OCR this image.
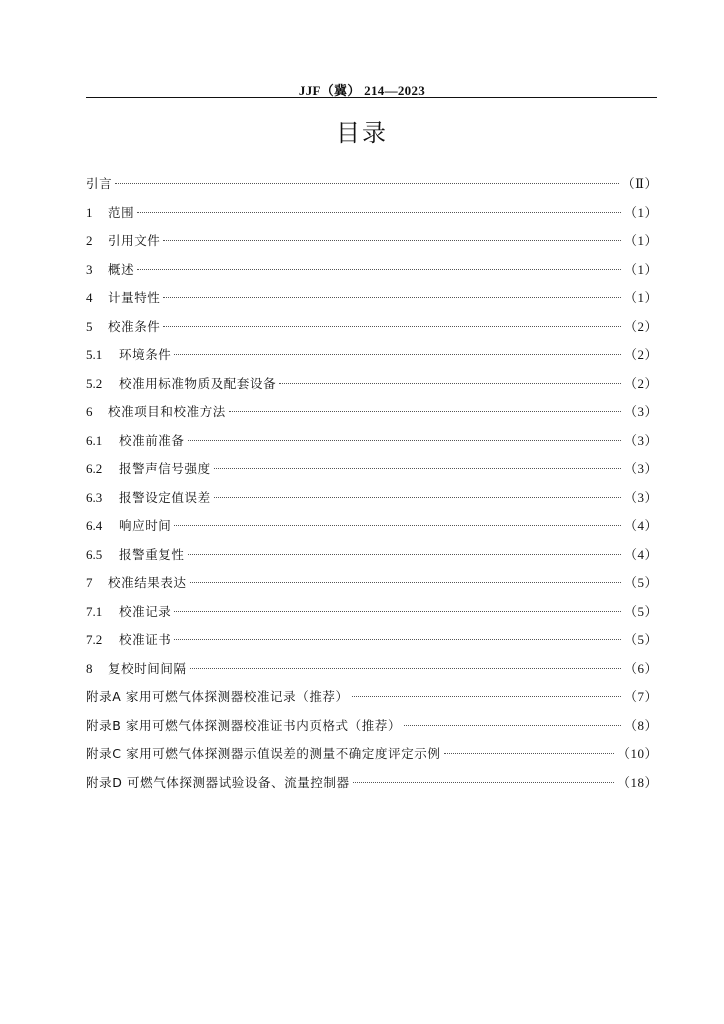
JJF（冀） 214—2023
目录
引言	（Ⅱ）
1	范围	（1）
2	引用文件	（1）
3	概述	（1）
4	计量特性	（1）
5	校准条件	（2）
5.1	环境条件	（2）
5.2	校准用标准物质及配套设备	（2）
6	校准项目和校准方法	（3）
6.1	校准前准备	（3）
6.2	报警声信号强度	（3）
6.3	报警设定值误差	（3）
6.4	响应时间	（4）
6.5	报警重复性	（4）
7	校准结果表达	（5）
7.1	校准记录	（5）
7.2	校准证书	（5）
8	复校时间间隔	（6）
附录A 家用可燃气体探测器校准记录（推荐）	（7）
附录B 家用可燃气体探测器校准证书内页格式（推荐）	（8）
附录C 家用可燃气体探测器示值误差的测量不确定度评定示例	（10）
附录D 可燃气体探测器试验设备、流量控制器	（18）
